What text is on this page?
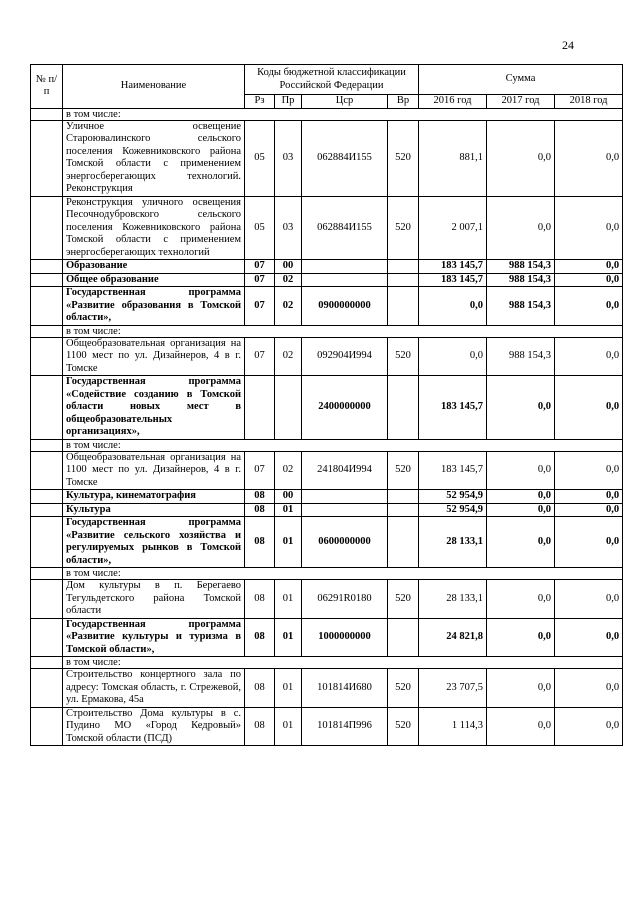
24
№ п/п	Наименование	Коды бюджетной классификации Российской Федерации				Сумма		
		Рз	Пр	Цср	Вр	2016 год	2017 год	2018 год
	в том числе:							
	Уличное освещение Староювалинского сельского поселения Кожевниковского района Томской области с применением энергосберегающих технологий. Реконструкция	05	03	062884И155	520	881,1	0,0	0,0
	Реконструкция уличного освещения Песочнодубровского сельского поселения Кожевниковского района Томской области с применением энергосберегающих технологий	05	03	062884И155	520	2 007,1	0,0	0,0
	Образование	07	00			183 145,7	988 154,3	0,0
	Общее образование	07	02			183 145,7	988 154,3	0,0
	Государственная программа «Развитие образования в Томской области»,	07	02	0900000000		0,0	988 154,3	0,0
	в том числе:							
	Общеобразовательная организация на 1100 мест по ул. Дизайнеров, 4 в г. Томске	07	02	092904И994	520	0,0	988 154,3	0,0
	Государственная программа «Содействие созданию в Томской области новых мест в общеобразовательных организациях»,			2400000000		183 145,7	0,0	0,0
	в том числе:							
	Общеобразовательная организация на 1100 мест по ул. Дизайнеров, 4 в г. Томске	07	02	241804И994	520	183 145,7	0,0	0,0
	Культура, кинематография	08	00			52 954,9	0,0	0,0
	Культура	08	01			52 954,9	0,0	0,0
	Государственная программа «Развитие сельского хозяйства и регулируемых рынков в Томской области»,	08	01	0600000000		28 133,1	0,0	0,0
	в том числе:							
	Дом культуры в п. Берегаево Тегульдетского района Томской области	08	01	06291R0180	520	28 133,1	0,0	0,0
	Государственная программа «Развитие культуры и туризма в Томской области»,	08	01	1000000000		24 821,8	0,0	0,0
	в том числе:							
	Строительство концертного зала по адресу: Томская область, г. Стрежевой, ул. Ермакова, 45а	08	01	101814И680	520	23 707,5	0,0	0,0
	Строительство Дома культуры в с. Пудино МО «Город Кедровый» Томской области (ПСД)	08	01	101814П996	520	1 114,3	0,0	0,0
